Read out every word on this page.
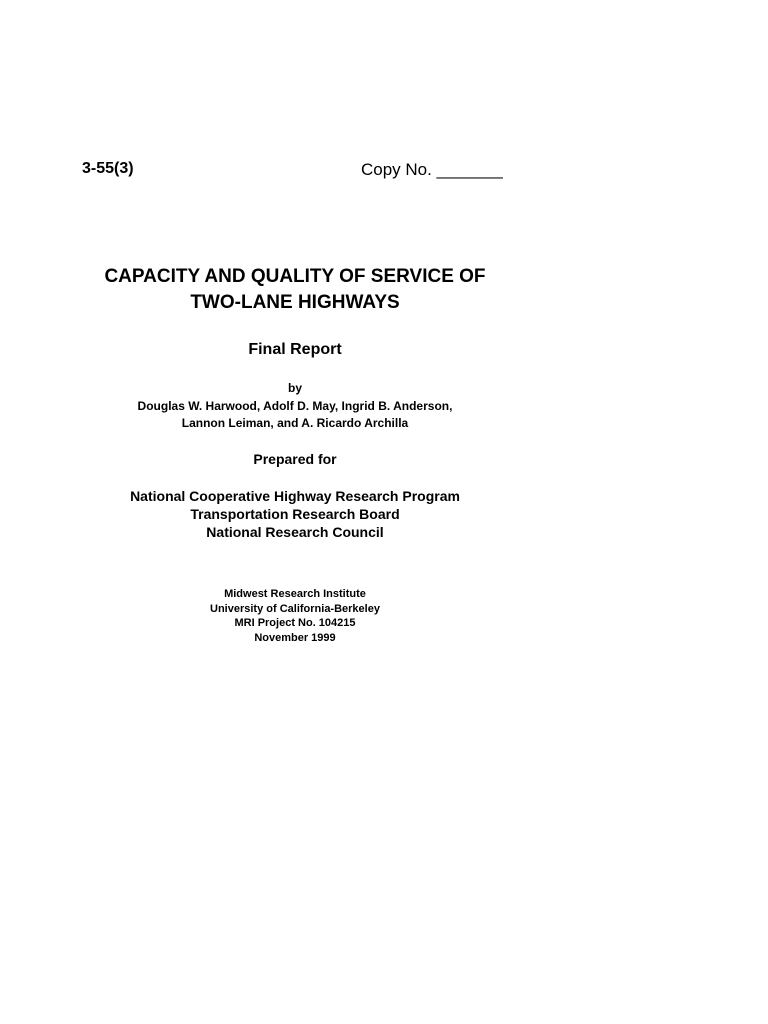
3-55(3)	Copy No. _______
CAPACITY AND QUALITY OF SERVICE OF
TWO-LANE HIGHWAYS
Final Report
by
Douglas W. Harwood, Adolf D. May, Ingrid B. Anderson,
Lannon Leiman, and A. Ricardo Archilla
Prepared for
National Cooperative Highway Research Program
Transportation Research Board
National Research Council
Midwest Research Institute
University of California-Berkeley
MRI Project No. 104215
November 1999
